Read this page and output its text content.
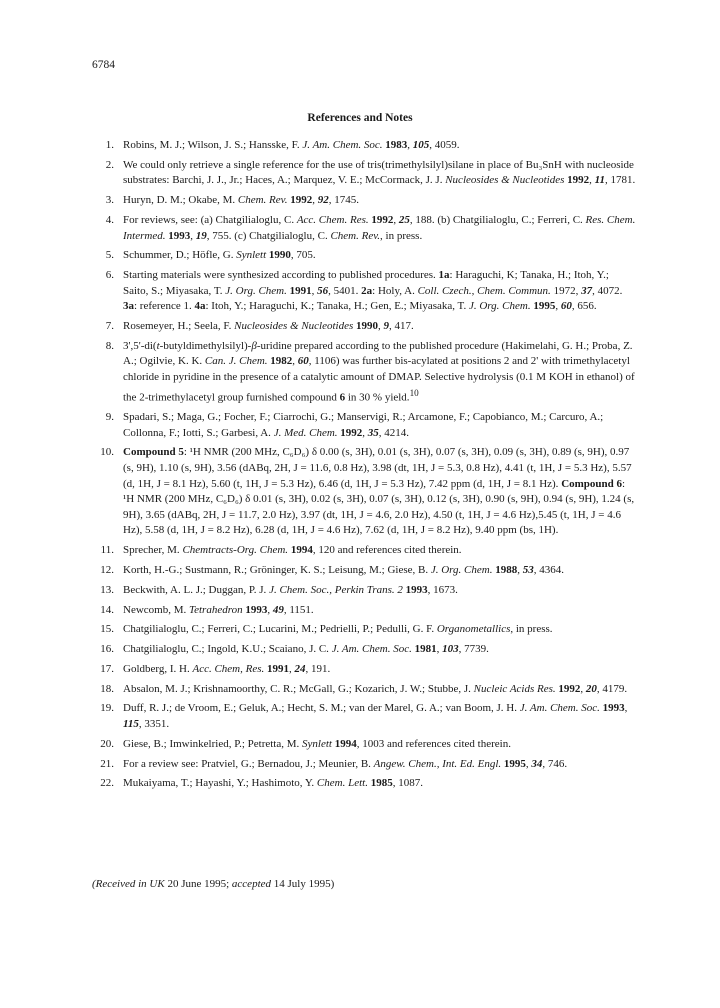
6784
References and Notes
1. Robins, M. J.; Wilson, J. S.; Hansske, F. J. Am. Chem. Soc. 1983, 105, 4059.
2. We could only retrieve a single reference for the use of tris(trimethylsilyl)silane in place of Bu₃SnH with nucleoside substrates: Barchi, J. J., Jr.; Haces, A.; Marquez, V. E.; McCormack, J. J. Nucleosides & Nucleotides 1992, 11, 1781.
3. Huryn, D. M.; Okabe, M. Chem. Rev. 1992, 92, 1745.
4. For reviews, see: (a) Chatgilialoglu, C. Acc. Chem. Res. 1992, 25, 188. (b) Chatgilialoglu, C.; Ferreri, C. Res. Chem. Intermed. 1993, 19, 755. (c) Chatgilialoglu, C. Chem. Rev., in press.
5. Schummer, D.; Höfle, G. Synlett 1990, 705.
6. Starting materials were synthesized according to published procedures. 1a: Haraguchi, K; Tanaka, H.; Itoh, Y.; Saito, S.; Miyasaka, T. J. Org. Chem. 1991, 56, 5401. 2a: Holy, A. Coll. Czech., Chem. Commun. 1972, 37, 4072. 3a: reference 1. 4a: Itoh, Y.; Haraguchi, K.; Tanaka, H.; Gen, E.; Miyasaka, T. J. Org. Chem. 1995, 60, 656.
7. Rosemeyer, H.; Seela, F. Nucleosides & Nucleotides 1990, 9, 417.
8. 3',5'-di(t-butyldimethylsilyl)-β-uridine prepared according to the published procedure (Hakimelahi, G. H.; Proba, Z. A.; Ogilvie, K. K. Can. J. Chem. 1982, 60, 1106) was further bis-acylated at positions 2 and 2' with trimethylacetyl chloride in pyridine in the presence of a catalytic amount of DMAP. Selective hydrolysis (0.1 M KOH in ethanol) of the 2-trimethylacetyl group furnished compound 6 in 30 % yield.$^{10}$
9. Spadari, S.; Maga, G.; Focher, F.; Ciarrochi, G.; Manservigi, R.; Arcamone, F.; Capobianco, M.; Carcuro, A.; Collonna, F.; Iotti, S.; Garbesi, A. J. Med. Chem. 1992, 35, 4214.
10. Compound 5: ¹H NMR (200 MHz, C₆D₆) δ 0.00 (s, 3H), 0.01 (s, 3H), 0.07 (s, 3H), 0.09 (s, 3H), 0.89 (s, 9H), 0.97 (s, 9H), 1.10 (s, 9H), 3.56 (dABq, 2H, J = 11.6, 0.8 Hz), 3.98 (dt, 1H, J = 5.3, 0.8 Hz), 4.41 (t, 1H, J = 5.3 Hz), 5.57 (d, 1H, J = 8.1 Hz), 5.60 (t, 1H, J = 5.3 Hz), 6.46 (d, 1H, J = 5.3 Hz), 7.42 ppm (d, 1H, J = 8.1 Hz). Compound 6: ¹H NMR (200 MHz, C₆D₆) δ 0.01 (s, 3H), 0.02 (s, 3H), 0.07 (s, 3H), 0.12 (s, 3H), 0.90 (s, 9H), 0.94 (s, 9H), 1.24 (s, 9H), 3.65 (dABq, 2H, J = 11.7, 2.0 Hz), 3.97 (dt, 1H, J = 4.6, 2.0 Hz), 4.50 (t, 1H, J = 4.6 Hz),5.45 (t, 1H, J = 4.6 Hz), 5.58 (d, 1H, J = 8.2 Hz), 6.28 (d, 1H, J = 4.6 Hz), 7.62 (d, 1H, J = 8.2 Hz), 9.40 ppm (bs, 1H).
11. Sprecher, M. Chemtracts-Org. Chem. 1994, 120 and references cited therein.
12. Korth, H.-G.; Sustmann, R.; Gröninger, K. S.; Leisung, M.; Giese, B. J. Org. Chem. 1988, 53, 4364.
13. Beckwith, A. L. J.; Duggan, P. J. J. Chem. Soc., Perkin Trans. 2 1993, 1673.
14. Newcomb, M. Tetrahedron 1993, 49, 1151.
15. Chatgilialoglu, C.; Ferreri, C.; Lucarini, M.; Pedrielli, P.; Pedulli, G. F. Organometallics, in press.
16. Chatgilialoglu, C.; Ingold, K.U.; Scaiano, J. C. J. Am. Chem. Soc. 1981, 103, 7739.
17. Goldberg, I. H. Acc. Chem, Res. 1991, 24, 191.
18. Absalon, M. J.; Krishnamoorthy, C. R.; McGall, G.; Kozarich, J. W.; Stubbe, J. Nucleic Acids Res. 1992, 20, 4179.
19. Duff, R. J.; de Vroom, E.; Geluk, A.; Hecht, S. M.; van der Marel, G. A.; van Boom, J. H. J. Am. Chem. Soc. 1993, 115, 3351.
20. Giese, B.; Imwinkelried, P.; Petretta, M. Synlett 1994, 1003 and references cited therein.
21. For a review see: Pratviel, G.; Bernadou, J.; Meunier, B. Angew. Chem., Int. Ed. Engl. 1995, 34, 746.
22. Mukaiyama, T.; Hayashi, Y.; Hashimoto, Y. Chem. Lett. 1985, 1087.
(Received in UK 20 June 1995; accepted 14 July 1995)
